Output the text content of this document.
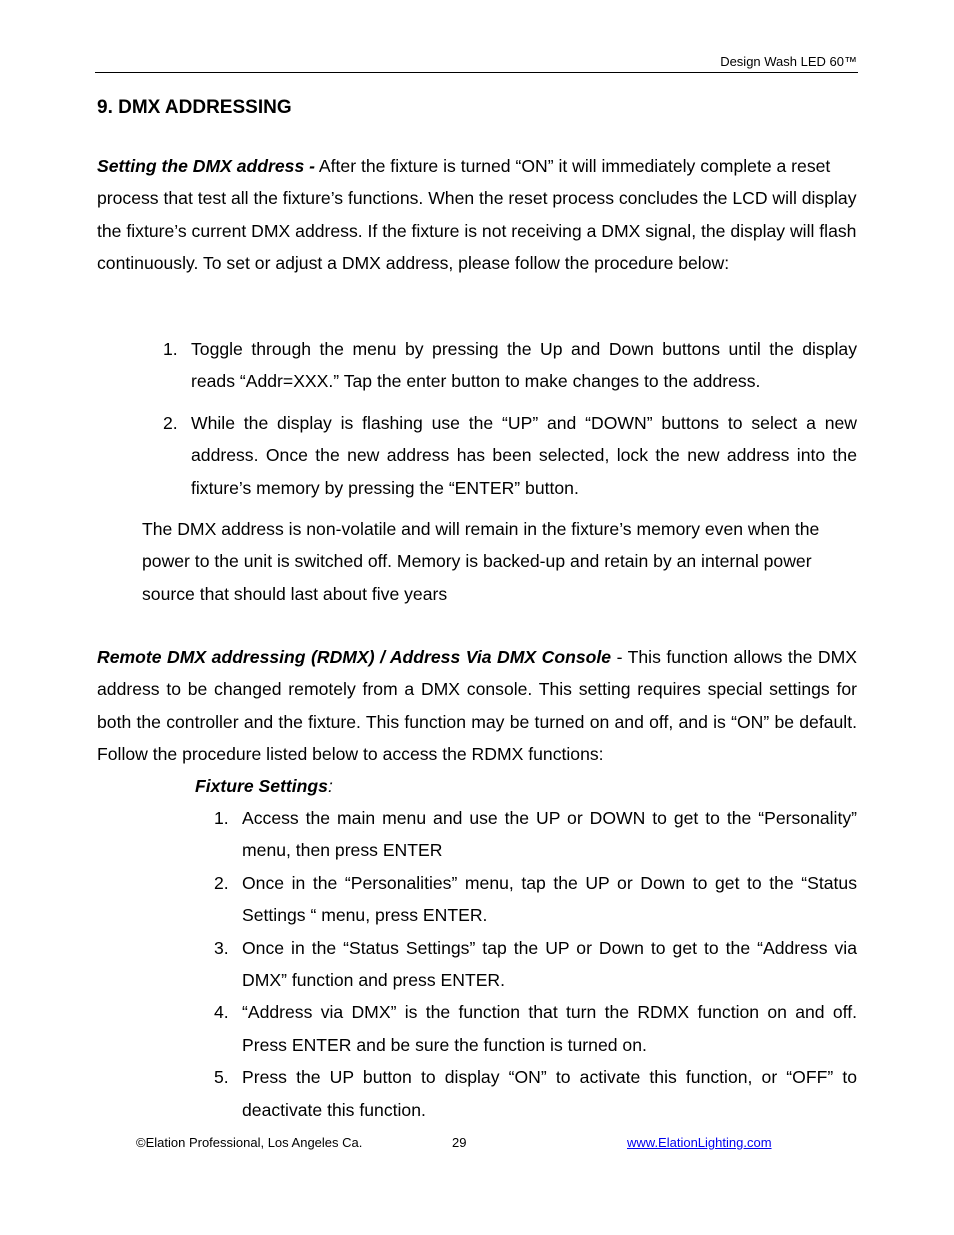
Design Wash LED 60™
9. DMX ADDRESSING
Setting the DMX address - After the fixture is turned “ON” it will immediately complete a reset process that test all the fixture’s functions. When the reset process concludes the LCD will display the fixture’s current DMX address. If the fixture is not receiving a DMX signal, the display will flash continuously. To set or adjust a DMX address, please follow the procedure below:
1. Toggle through the menu by pressing the Up and Down buttons until the display reads “Addr=XXX.” Tap the enter button to make changes to the address.
2. While the display is flashing use the “UP” and “DOWN” buttons to select a new address. Once the new address has been selected, lock the new address into the fixture’s memory by pressing the “ENTER” button.
The DMX address is non-volatile and will remain in the fixture’s memory even when the power to the unit is switched off. Memory is backed-up and retain by an internal power source that should last about five years
Remote DMX addressing (RDMX) / Address Via DMX Console - This function allows the DMX address to be changed remotely from a DMX console. This setting requires special settings for both the controller and the fixture. This function may be turned on and off, and is “ON” be default. Follow the procedure listed below to access the RDMX functions:
Fixture Settings:
1. Access the main menu and use the UP or DOWN to get to the “Personality” menu, then press ENTER
2. Once in the “Personalities” menu, tap the UP or Down to get to the “Status Settings “ menu, press ENTER.
3. Once in the “Status Settings” tap the UP or Down to get to the “Address via DMX” function and press ENTER.
4. “Address via DMX” is the function that turn the RDMX function on and off. Press ENTER and be sure the function is turned on.
5. Press the UP button to display “ON” to activate this function, or “OFF” to deactivate this function.
©Elation Professional, Los Angeles Ca.	29	www.ElationLighting.com
